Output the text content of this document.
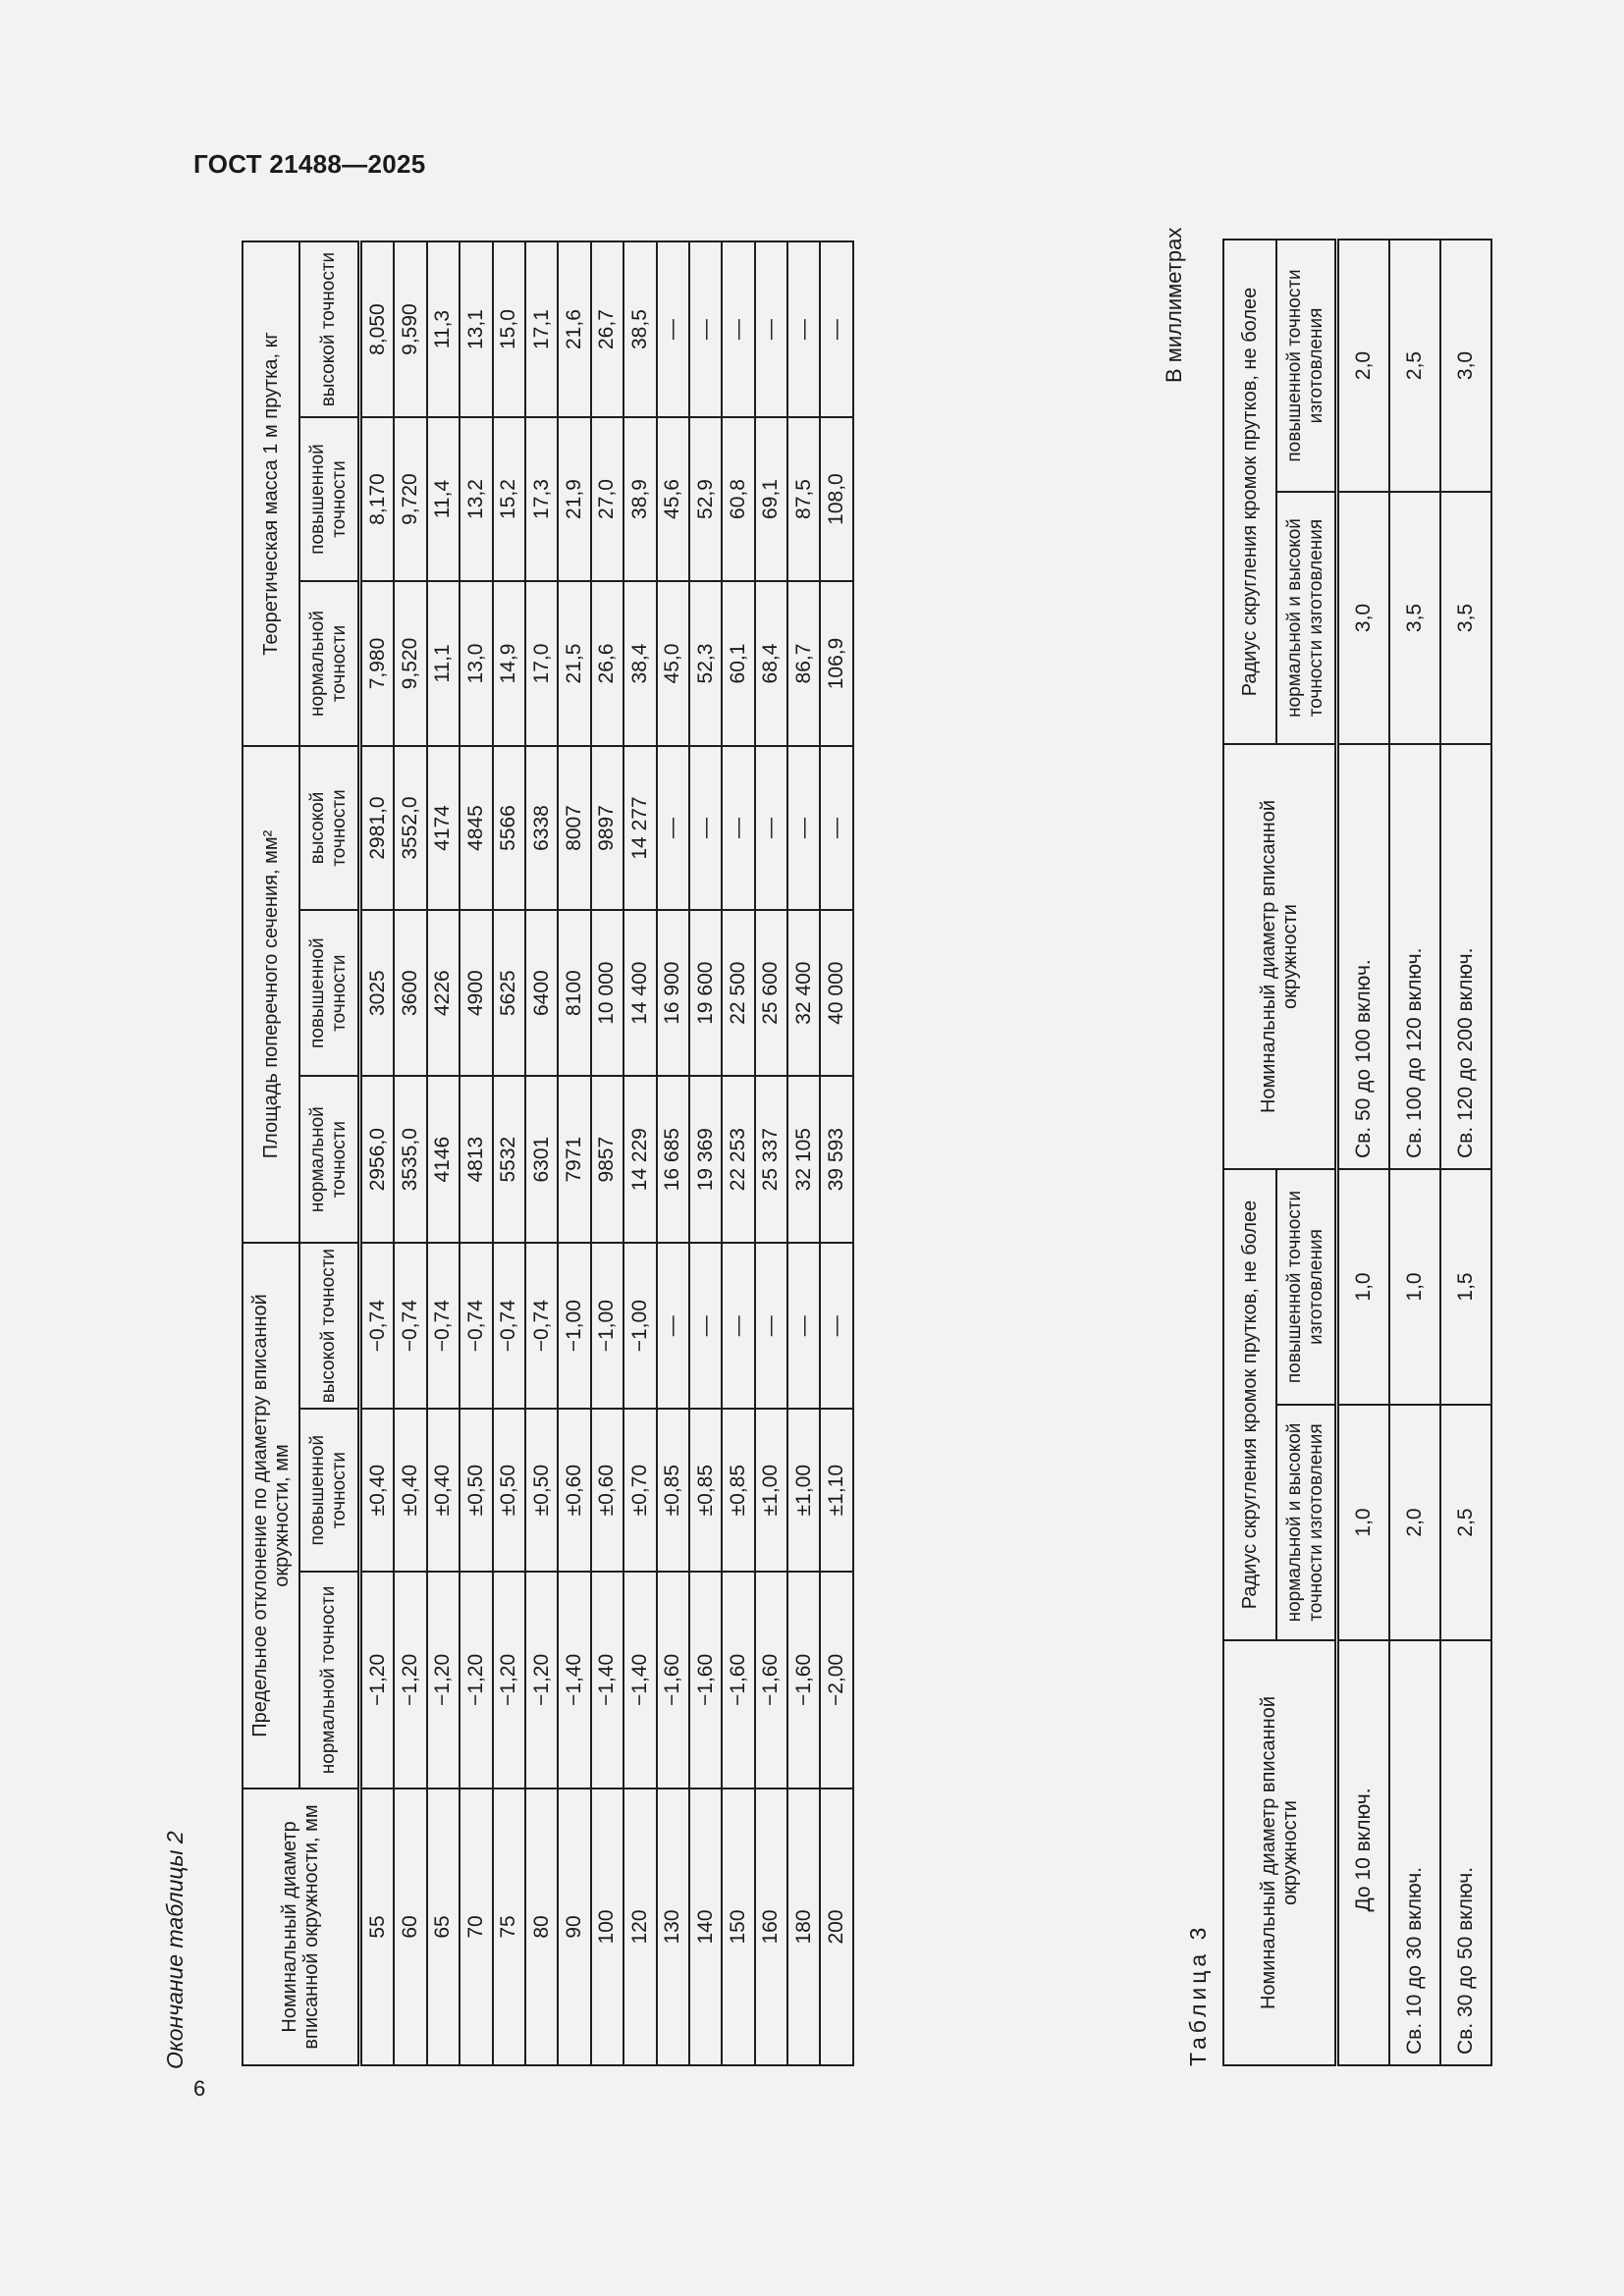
ГОСТ 21488—2025
6
Окончание таблицы 2	Номинальный диаметр вписанной окружности, мм	Предельное отклонение по диаметру вписанной окружности, мм			Площадь поперечного сечения, мм²			Теоретическая масса 1 м прутка, кг		
	нормальной точности	повышенной точности	высокой точности	нормальной точности	повышенной точности	высокой точности	нормальной точности	повышенной точности	высокой точности
55	−1,20	±0,40	−0,74	2956,0	3025	2981,0	7,980	8,170	8,050
60	−1,20	±0,40	−0,74	3535,0	3600	3552,0	9,520	9,720	9,590
65	−1,20	±0,40	−0,74	4146	4226	4174	11,1	11,4	11,3
70	−1,20	±0,50	−0,74	4813	4900	4845	13,0	13,2	13,1
75	−1,20	±0,50	−0,74	5532	5625	5566	14,9	15,2	15,0
80	−1,20	±0,50	−0,74	6301	6400	6338	17,0	17,3	17,1
90	−1,40	±0,60	−1,00	7971	8100	8007	21,5	21,9	21,6
100	−1,40	±0,60	−1,00	9857	10 000	9897	26,6	27,0	26,7
120	−1,40	±0,70	−1,00	14 229	14 400	14 277	38,4	38,9	38,5
130	−1,60	±0,85	—	16 685	16 900	—	45,0	45,6	—
140	−1,60	±0,85	—	19 369	19 600	—	52,3	52,9	—
150	−1,60	±0,85	—	22 253	22 500	—	60,1	60,8	—
160	−1,60	±1,00	—	25 337	25 600	—	68,4	69,1	—
180	−1,60	±1,00	—	32 105	32 400	—	86,7	87,5	—
200	−2,00	±1,10	—	39 593	40 000	—	106,9	108,0	—
Таблица 3
В миллиметрах
Номинальный диаметр вписанной окружности	Радиус скругления кромок прутков, не более		Номинальный диаметр вписанной окружности	Радиус скругления кромок прутков, не более	
	нормальной и высокой точности изготовления	повышенной точности изготовления		нормальной и высокой точности изготовления	повышенной точности изготовления
До 10 включ.	1,0	1,0	Св. 50 до 100 включ.	3,0	2,0
Св. 10 до 30 включ.	2,0	1,0	Св. 100 до 120 включ.	3,5	2,5
Св. 30 до 50 включ.	2,5	1,5	Св. 120 до 200 включ.	3,5	3,0
